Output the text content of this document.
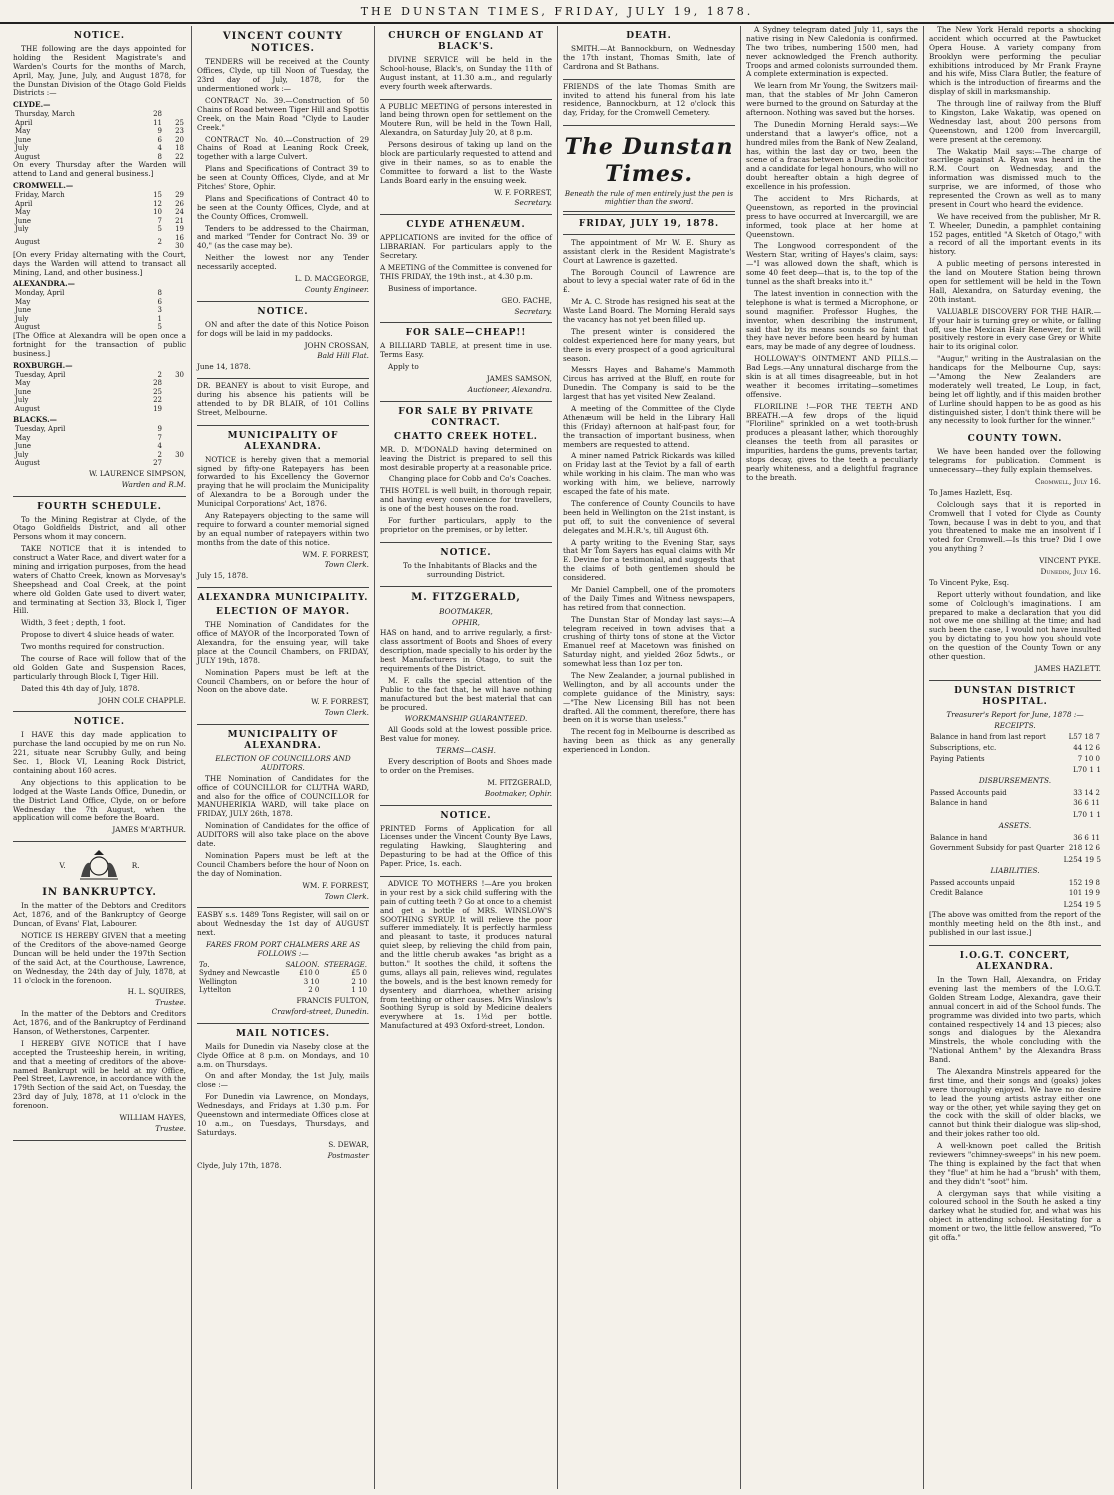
THE DUNSTAN TIMES, FRIDAY, JULY 19, 1878.
NOTICE.

THE following are the days appointed for holding the Resident Magistrate's and Warden's Courts for the months of March, April, May, June, July, and August 1878, for the Dunstan Division of the Otago Gold Fields Districts :—

CLYDE.—
Thursday, March	28	
April	11	25
May	9	23
June	6	20
July	4	18
August	8	22

On every Thursday after the Warden will attend to Land and general business.]

CROMWELL.—
Friday, March	15	29
April	12	26
May	10	24
June	7	21
July	5	19
August	2	16 30

[On every Friday alternating with the Court, days the Warden will attend to transact all Mining, Land, and other business.]

ALEXANDRA.—
Monday, April	8	
May	6	
June	3	
July	1	
August	5	

[The Office at Alexandra will be open once a fortnight for the transaction of public business.]

ROXBURGH.—
Tuesday, April	2	30
May	28	
June	25	
July	22	
August	19	
BLACKS.—
Tuesday, April	9	
May	7	
June	4	
July	2	30
August	27	
W. LAURENCE SIMPSON,
Warden and R.M.
FOURTH SCHEDULE.

To the Mining Registrar at Clyde, of the Otago Goldfields District, and all other Persons whom it may concern.

TAKE NOTICE that it is intended to construct a Water Race, and divert water for a mining and irrigation purposes, from the head waters of Chatto Creek, known as Morvesay's Sheepshead and Coal Creek, at the point where old Golden Gate used to divert water, and terminating at Section 33, Block I, Tiger Hill.

Width, 3 feet ; depth, 1 foot.

Propose to divert 4 sluice heads of water.

Two months required for construction.

The course of Race will follow that of the old Golden Gate and Suspension Races, particularly through Block I, Tiger Hill.

Dated this 4th day of July, 1878.

JOHN COLE CHAPPLE.
NOTICE.

I HAVE this day made application to purchase the land occupied by me on run No. 221, situate near Scrubby Gully, and being Sec. 1, Block VI, Leaning Rock District, containing about 160 acres.

Any objections to this application to be lodged at the Waste Lands Office, Dunedin, or the District Land Office, Clyde, on or before Wednesday the 7th August, when the application will come before the Board.

JAMES M'ARTHUR.
V.	R.
IN BANKRUPTCY.

In the matter of the Debtors and Creditors Act, 1876, and of the Bankruptcy of George Duncan, of Evans' Flat, Labourer.

NOTICE IS HEREBY GIVEN that a meeting of the Creditors of the above-named George Duncan will be held under the 197th Section of the said Act, at the Courthouse, Lawrence, on Wednesday, the 24th day of July, 1878, at 11 o'clock in the forenoon.

H. L. SQUIRES,
Trustee.

In the matter of the Debtors and Creditors Act, 1876, and of the Bankruptcy of Ferdinand Hanson, of Wetherstones, Carpenter.

I HEREBY GIVE NOTICE that I have accepted the Trusteeship herein, in writing, and that a meeting of creditors of the above-named Bankrupt will be held at my Office, Peel Street, Lawrence, in accordance with the 179th Section of the said Act, on Tuesday, the 23rd day of July, 1878, at 11 o'clock in the forenoon.

WILLIAM HAYES,
Trustee.
VINCENT COUNTY NOTICES.

TENDERS will be received at the County Offices, Clyde, up till Noon of Tuesday, the 23rd day of July, 1878, for the undermentioned work :—

CONTRACT No. 39.—Construction of 50 Chains of Road between Tiger Hill and Spottis Creek, on the Main Road "Clyde to Lauder Creek."

CONTRACT No. 40.—Construction of 29 Chains of Road at Leaning Rock Creek, together with a large Culvert.

Plans and Specifications of Contract 39 to be seen at County Offices, Clyde, and at Mr Pitches' Store, Ophir.

Plans and Specifications of Contract 40 to be seen at the County Offices, Clyde, and at the County Offices, Cromwell.

Tenders to be addressed to the Chairman, and marked "Tender for Contract No. 39 or 40," (as the case may be).

Neither the lowest nor any Tender necessarily accepted.

L. D. MACGEORGE,
County Engineer.
NOTICE.

ON and after the date of this Notice Poison for dogs will be laid in my paddocks.

JOHN CROSSAN,
Bald Hill Flat.
June 14, 1878.

DR. BEANEY is about to visit Europe, and during his absence his patients will be attended to by DR BLAIR, of 101 Collins Street, Melbourne.

MUNICIPALITY OF ALEXANDRA.

NOTICE is hereby given that a memorial signed by fifty-one Ratepayers has been forwarded to his Excellency the Governor praying that he will proclaim the Municipality of Alexandra to be a Borough under the Municipal Corporations' Act, 1876.

Any Ratepayers objecting to the same will require to forward a counter memorial signed by an equal number of ratepayers within two months from the date of this notice.

WM. F. FORREST,
Town Clerk.
July 15, 1878.
ALEXANDRA MUNICIPALITY.
ELECTION OF MAYOR.

THE Nomination of Candidates for the office of MAYOR of the Incorporated Town of Alexandra, for the ensuing year, will take place at the Council Chambers, on FRIDAY, JULY 19th, 1878.

Nomination Papers must be left at the Council Chambers, on or before the hour of Noon on the above date.

W. F. FORREST,
Town Clerk.
MUNICIPALITY OF ALEXANDRA.
ELECTION OF COUNCILLORS AND AUDITORS.

THE Nomination of Candidates for the office of COUNCILLOR for CLUTHA WARD, and also for the office of COUNCILLOR for MANUHERIKIA WARD, will take place on FRIDAY, JULY 26th, 1878.

Nomination of Candidates for the office of AUDITORS will also take place on the above date.

Nomination Papers must be left at the Council Chambers before the hour of Noon on the day of Nomination.

WM. F. FORREST,
Town Clerk.

EASBY s.s. 1489 Tons Register, will sail on or about Wednesday the 1st day of AUGUST next.

FARES FROM PORT CHALMERS ARE AS FOLLOWS :—
To.	SALOON.	STEERAGE.
Sydney and Newcastle	£10 0	£5 0
Wellington	3 10	2 10
Lyttelton	2 0	1 10
FRANCIS FULTON,
Crawford-street, Dunedin.
MAIL NOTICES.

Mails for Dunedin via Naseby close at the Clyde Office at 8 p.m. on Mondays, and 10 a.m. on Thursdays.

On and after Monday, the 1st July, mails close :—

For Dunedin via Lawrence, on Mondays, Wednesdays, and Fridays at 1.30 p.m. For Queenstown and intermediate Offices close at 10 a.m., on Tuesdays, Thursdays, and Saturdays.

S. DEWAR,
Postmaster
Clyde, July 17th, 1878.
CHURCH OF ENGLAND AT BLACK'S.

DIVINE SERVICE will be held in the School-house, Black's, on Sunday the 11th of August instant, at 11.30 a.m., and regularly every fourth week afterwards.

A PUBLIC MEETING of persons interested in land being thrown open for settlement on the Moutere Run, will be held in the Town Hall, Alexandra, on Saturday July 20, at 8 p.m.

Persons desirous of taking up land on the block are particularly requested to attend and give in their names, so as to enable the Committee to forward a list to the Waste Lands Board early in the ensuing week.

W. F. FORREST,
Secretary.
CLYDE ATHENÆUM.

APPLICATIONS are invited for the office of LIBRARIAN. For particulars apply to the Secretary.

A MEETING of the Committee is convened for THIS FRIDAY, the 19th inst., at 4.30 p.m.

Business of importance.

GEO. FACHE,
Secretary.
FOR SALE—CHEAP!!

A BILLIARD TABLE, at present time in use. Terms Easy.

Apply to

JAMES SAMSON,
Auctioneer, Alexandra.
FOR SALE BY PRIVATE CONTRACT.
CHATTO CREEK HOTEL.

MR. D. M'DONALD having determined on leaving the District is prepared to sell this most desirable property at a reasonable price.

Changing place for Cobb and Co's Coaches.

THIS HOTEL is well built, in thorough repair, and having every convenience for travellers, is one of the best houses on the road.

For further particulars, apply to the proprietor on the premises, or by letter.

NOTICE.

To the Inhabitants of Blacks and the surrounding District.

M. FITZGERALD,
BOOTMAKER,
OPHIR,

HAS on hand, and to arrive regularly, a first-class assortment of Boots and Shoes of every description, made specially to his order by the best Manufacturers in Otago, to suit the requirements of the District.

M. F. calls the special attention of the Public to the fact that, he will have nothing manufactured but the best material that can be procured.

WORKMANSHIP GUARANTEED.

All Goods sold at the lowest possible price. Best value for money.

TERMS—CASH.

Every description of Boots and Shoes made to order on the Premises.

M. FITZGERALD,
Bootmaker, Ophir.
NOTICE.

PRINTED Forms of Application for all Licenses under the Vincent County Bye Laws, regulating Hawking, Slaughtering and Depasturing to be had at the Office of this Paper. Price, 1s. each.

ADVICE TO MOTHERS !—Are you broken in your rest by a sick child suffering with the pain of cutting teeth ? Go at once to a chemist and get a bottle of MRS. WINSLOW'S SOOTHING SYRUP. It will relieve the poor sufferer immediately. It is perfectly harmless and pleasant to taste, it produces natural quiet sleep, by relieving the child from pain, and the little cherub awakes "as bright as a button." It soothes the child, it softens the gums, allays all pain, relieves wind, regulates the bowels, and is the best known remedy for dysentery and diarrhoea, whether arising from teething or other causes. Mrs Winslow's Soothing Syrup is sold by Medicine dealers everywhere at 1s. 1½d per bottle. Manufactured at 493 Oxford-street, London.

DEATH.

SMITH.—At Bannockburn, on Wednesday the 17th instant, Thomas Smith, late of Cardrona and St Bathans.

FRIENDS of the late Thomas Smith are invited to attend his funeral from his late residence, Bannockburn, at 12 o'clock this day, Friday, for the Cromwell Cemetery.

The Dunstan Times.
Beneath the rule of men entirely just the pen is mightier than the sword.
FRIDAY, JULY 19, 1878.

The appointment of Mr W. E. Shury as assistant clerk in the Resident Magistrate's Court at Lawrence is gazetted.

The Borough Council of Lawrence are about to levy a special water rate of 6d in the £.

Mr A. C. Strode has resigned his seat at the Waste Land Board. The Morning Herald says the vacancy has not yet been filled up.

The present winter is considered the coldest experienced here for many years, but there is every prospect of a good agricultural season.

Messrs Hayes and Bahame's Mammoth Circus has arrived at the Bluff, en route for Dunedin. The Company is said to be the largest that has yet visited New Zealand.

A meeting of the Committee of the Clyde Athenæum will be held in the Library Hall this (Friday) afternoon at half-past four, for the transaction of important business, when members are requested to attend.

A miner named Patrick Rickards was killed on Friday last at the Teviot by a fall of earth while working in his claim. The man who was working with him, we believe, narrowly escaped the fate of his mate.

The conference of County Councils to have been held in Wellington on the 21st instant, is put off, to suit the convenience of several delegates and M.H.R.'s, till August 6th.

A party writing to the Evening Star, says that Mr Tom Sayers has equal claims with Mr E. Devine for a testimonial, and suggests that the claims of both gentlemen should be considered.

Mr Daniel Campbell, one of the promoters of the Daily Times and Witness newspapers, has retired from that connection.

The Dunstan Star of Monday last says:—A telegram received in town advises that a crushing of thirty tons of stone at the Victor Emanuel reef at Macetown was finished on Saturday night, and yielded 26oz 5dwts., or somewhat less than 1oz per ton.

The New Zealander, a journal published in Wellington, and by all accounts under the complete guidance of the Ministry, says:—"The New Licensing Bill has not been drafted. All the comment, therefore, there has been on it is worse than useless."

The recent fog in Melbourne is described as having been as thick as any generally experienced in London.

A Sydney telegram dated July 11, says the native rising in New Caledonia is confirmed. The two tribes, numbering 1500 men, had never acknowledged the French authority. Troops and armed colonists surrounded them. A complete extermination is expected.

We learn from Mr Young, the Switzers mail-man, that the stables of Mr John Cameron were burned to the ground on Saturday at the afternoon. Nothing was saved but the horses.

The Dunedin Morning Herald says:—We understand that a lawyer's office, not a hundred miles from the Bank of New Zealand, has, within the last day or two, been the scene of a fracas between a Dunedin solicitor and a candidate for legal honours, who will no doubt hereafter obtain a high degree of excellence in his profession.

The accident to Mrs Richards, at Queenstown, as reported in the provincial press to have occurred at Invercargill, we are informed, took place at her home at Queenstown.

The Longwood correspondent of the Western Star, writing of Hayes's claim, says:—"I was allowed down the shaft, which is some 40 feet deep—that is, to the top of the tunnel as the shaft breaks into it."

The latest invention in connection with the telephone is what is termed a Microphone, or sound magnifier. Professor Hughes, the inventor, when describing the instrument, said that by its means sounds so faint that they have never before been heard by human ears, may be made of any degree of loudness.

HOLLOWAY'S OINTMENT AND PILLS.—Bad Legs.—Any unnatural discharge from the skin is at all times disagreeable, but in hot weather it becomes irritating—sometimes offensive.

FLORILINE !—FOR THE TEETH AND BREATH.—A few drops of the liquid "Floriline" sprinkled on a wet tooth-brush produces a pleasant lather, which thoroughly cleanses the teeth from all parasites or impurities, hardens the gums, prevents tartar, stops decay, gives to the teeth a peculiarly pearly whiteness, and a delightful fragrance to the breath.

The New York Herald reports a shocking accident which occurred at the Pawtucket Opera House. A variety company from Brooklyn were performing the peculiar exhibitions introduced by Mr Frank Frayne and his wife, Miss Clara Butler, the feature of which is the introduction of firearms and the display of skill in marksmanship.

The through line of railway from the Bluff to Kingston, Lake Wakatip, was opened on Wednesday last, about 200 persons from Queenstown, and 1200 from Invercargill, were present at the ceremony.

The Wakatip Mail says:—The charge of sacrilege against A. Ryan was heard in the R.M. Court on Wednesday, and the information was dismissed much to the surprise, we are informed, of those who represented the Crown as well as to many present in Court who heard the evidence.

We have received from the publisher, Mr R. T. Wheeler, Dunedin, a pamphlet containing 152 pages, entitled "A Sketch of Otago," with a record of all the important events in its history.

A public meeting of persons interested in the land on Moutere Station being thrown open for settlement will be held in the Town Hall, Alexandra, on Saturday evening, the 20th instant.

VALUABLE DISCOVERY FOR THE HAIR.—If your hair is turning grey or white, or falling off, use the Mexican Hair Renewer, for it will positively restore in every case Grey or White hair to its original color.

"Augur," writing in the Australasian on the handicaps for the Melbourne Cup, says:—"Among the New Zealanders are moderately well treated, Le Loup, in fact, being let off lightly, and if this maiden brother of Lurline should happen to be as good as his distinguished sister, I don't think there will be any necessity to look further for the winner."

COUNTY TOWN.

We have been handed over the following telegrams for publication. Comment is unnecessary—they fully explain themselves.

Cromwell, July 16.

To James Hazlett, Esq.

Colclough says that it is reported in Cromwell that I voted for Clyde as County Town, because I was in debt to you, and that you threatened to make me an insolvent if I voted for Cromwell.—Is this true? Did I owe you anything ?

VINCENT PYKE.
Dunedin, July 16.

To Vincent Pyke, Esq.

Report utterly without foundation, and like some of Colclough's imaginations. I am prepared to make a declaration that you did not owe me one shilling at the time; and had such been the case, I would not have insulted you by dictating to you how you should vote on the question of the County Town or any other question.

JAMES HAZLETT.
DUNSTAN DISTRICT HOSPITAL.
Treasurer's Report for June, 1878 :—
RECEIPTS.
Balance in hand from last report	L57 18 7
Subscriptions, etc.	44 12 6
Paying Patients	7 10 0
L70 1 1
DISBURSEMENTS.
Passed Accounts paid	33 14 2
Balance in hand	36 6 11
L70 1 1
ASSETS.
Balance in hand	36 6 11
Government Subsidy for past Quarter	218 12 6
L254 19 5
LIABILITIES.
Passed accounts unpaid	152 19 8
Credit Balance	101 19 9
L254 19 5

[The above was omitted from the report of the monthly meeting held on the 8th inst., and published in our last issue.]

I.O.G.T. CONCERT, ALEXANDRA.

In the Town Hall, Alexandra, on Friday evening last the members of the I.O.G.T. Golden Stream Lodge, Alexandra, gave their annual concert in aid of the School funds. The programme was divided into two parts, which contained respectively 14 and 13 pieces; also songs and dialogues by the Alexandra Minstrels, the whole concluding with the "National Anthem" by the Alexandra Brass Band.

The Alexandra Minstrels appeared for the first time, and their songs and (goaks) jokes were thoroughly enjoyed. We have no desire to lead the young artists astray either one way or the other, yet while saying they get on the cock with the skill of older blacks, we cannot but think their dialogue was slip-shod, and their jokes rather too old.

A well-known poet called the British reviewers "chimney-sweeps" in his new poem. The thing is explained by the fact that when they "flue" at him he had a "brush" with them, and they didn't "soot" him.

A clergyman says that while visiting a coloured school in the South he asked a tiny darkey what he studied for, and what was his object in attending school. Hesitating for a moment or two, the little fellow answered, "To git offa."
